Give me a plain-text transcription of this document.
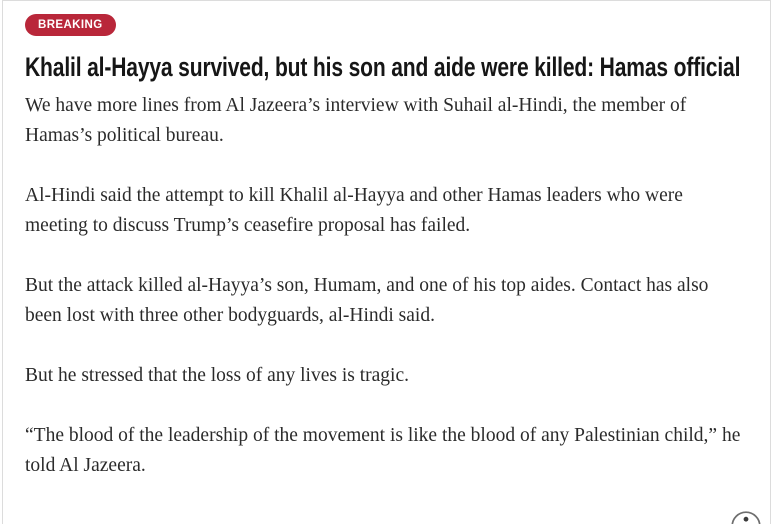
BREAKING
Khalil al-Hayya survived, but his son and aide were killed: Hamas official

We have more lines from Al Jazeera’s interview with Suhail al-Hindi, the member of Hamas’s political bureau.

Al-Hindi said the attempt to kill Khalil al-Hayya and other Hamas leaders who were meeting to discuss Trump’s ceasefire proposal has failed.

But the attack killed al-Hayya’s son, Humam, and one of his top aides. Contact has also been lost with three other bodyguards, al-Hindi said.

But he stressed that the loss of any lives is tragic.

“The blood of the leadership of the movement is like the blood of any Palestinian child,” he told Al Jazeera.
